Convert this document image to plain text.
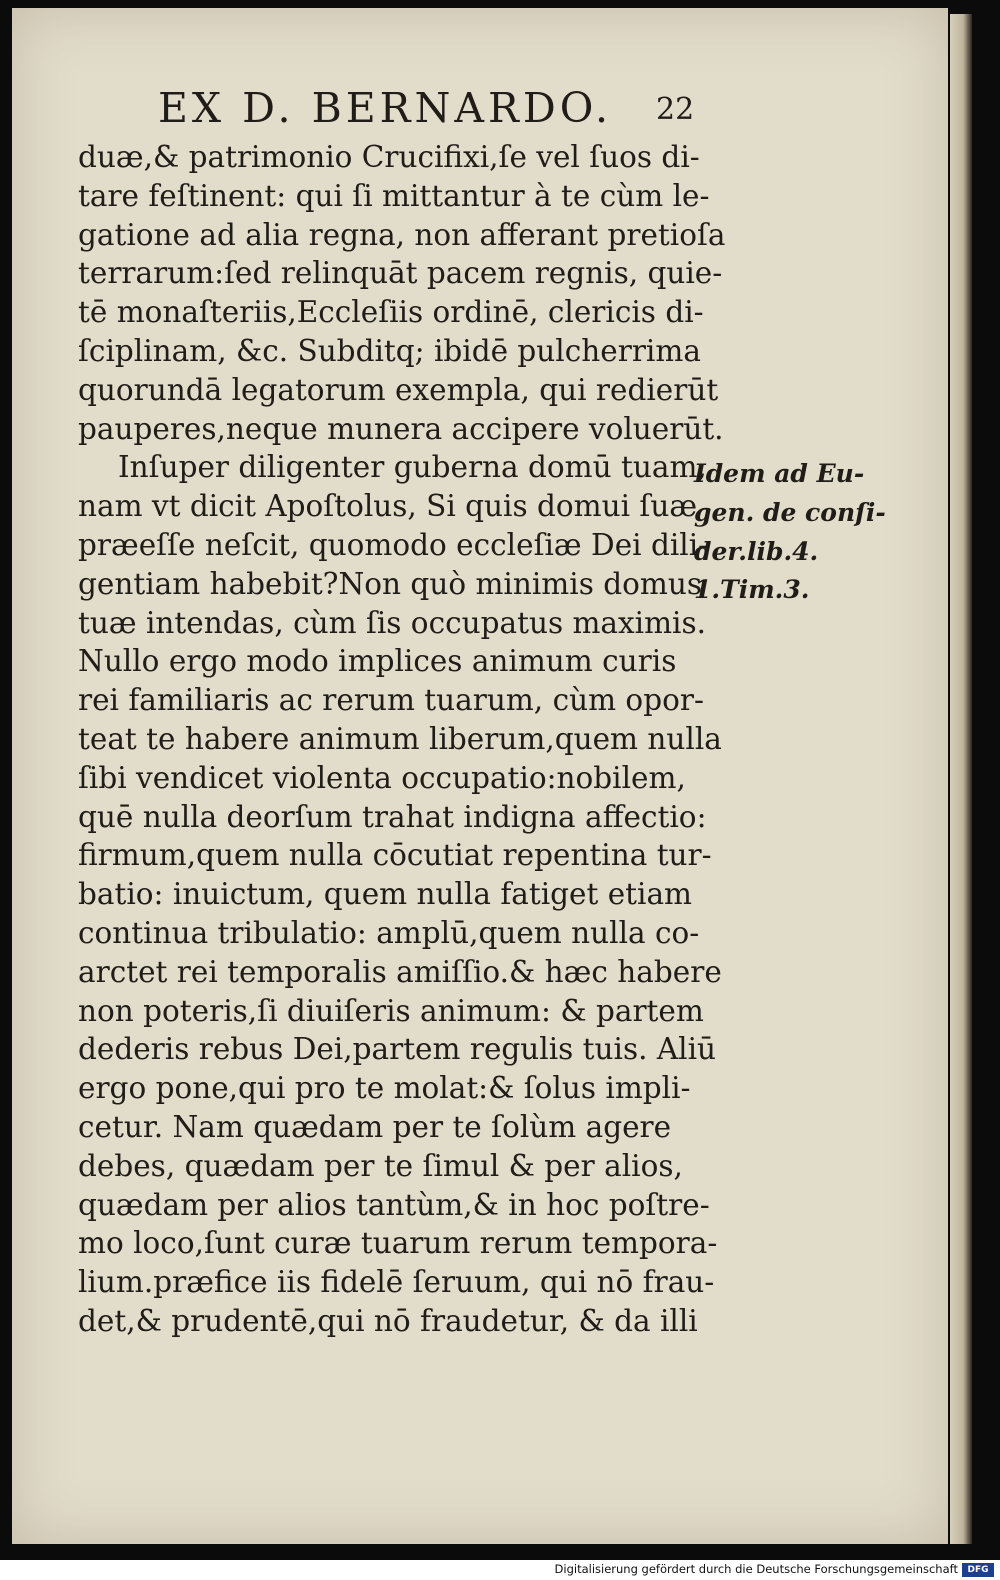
EX D. BERNARDO. 22
duæ,& patrimonio Crucifixi,ſe vel ſuos di-
tare feſtinent: qui ſi mittantur à te cùm le-
gatione ad alia regna, non afferant pretioſa
terrarum:ſed relinquāt pacem regnis, quie-
tē monaſteriis,Eccleſiis ordinē, clericis di-
ſciplinam, &c. Subditq; ibidē pulcherrima
quorundā legatorum exempla, qui redierūt
pauperes,neque munera accipere voluerūt.
Inſuper diligenter guberna domū tuam,
nam vt dicit Apoſtolus, Si quis domui ſuæ
præeſſe neſcit, quomodo eccleſiæ Dei dili-
gentiam habebit?Non quò minimis domus
tuæ intendas, cùm ſis occupatus maximis.
Nullo ergo modo implices animum curis
rei familiaris ac rerum tuarum, cùm opor-
teat te habere animum liberum,quem nulla
ſibi vendicet violenta occupatio:nobilem,
quē nulla deorſum trahat indigna affectio:
firmum,quem nulla cōcutiat repentina tur-
batio: inuictum, quem nulla fatiget etiam
continua tribulatio: amplū,quem nulla co-
arctet rei temporalis amiſſio.& hæc habere
non poteris,ſi diuiſeris animum: & partem
dederis rebus Dei,partem regulis tuis. Aliū
ergo pone,qui pro te molat:& ſolus impli-
cetur. Nam quædam per te ſolùm agere
debes, quædam per te ſimul & per alios,
quædam per alios tantùm,& in hoc poſtre-
mo loco,ſunt curæ tuarum rerum tempora-
lium.præfice iis fidelē ſeruum, qui nō frau-
det,& prudentē,qui nō fraudetur, & da illi
Idem ad Eu-
gen. de conſi-
der.lib.4.
1.Tim.3.
Digitalisierung gefördert durch die Deutsche Forschungsgemeinschaft	DFG
